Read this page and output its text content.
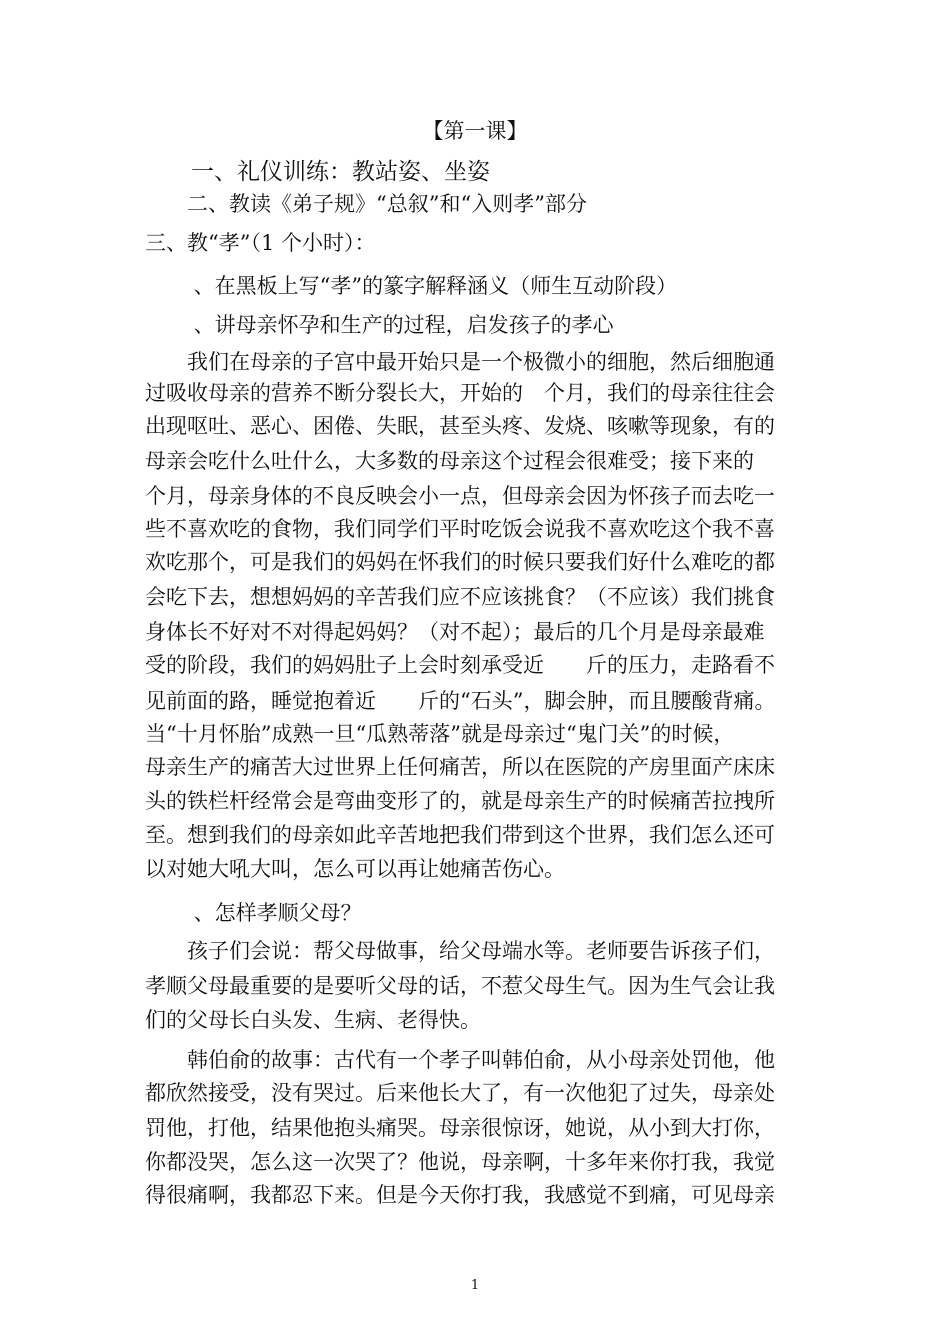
【第一课】
　　一、礼仪训练：教站姿、坐姿
　　二、教读《弟子规》“总叙”和“入则孝”部分
三、教“孝”（1 个小时）：
　　 、在黑板上写“孝”的篆字解释涵义（师生互动阶段）
　　 、讲母亲怀孕和生产的过程，启发孩子的孝心
　　我们在母亲的子宫中最开始只是一个极微小的细胞，然后细胞通
过吸收母亲的营养不断分裂长大，开始的　个月，我们的母亲往往会
出现呕吐、恶心、困倦、失眠，甚至头疼、发烧、咳嗽等现象，有的
母亲会吃什么吐什么，大多数的母亲这个过程会很难受；接下来的
个月，母亲身体的不良反映会小一点，但母亲会因为怀孩子而去吃一
些不喜欢吃的食物，我们同学们平时吃饭会说我不喜欢吃这个我不喜
欢吃那个，可是我们的妈妈在怀我们的时候只要我们好什么难吃的都
会吃下去，想想妈妈的辛苦我们应不应该挑食？（不应该）我们挑食
身体长不好对不对得起妈妈？（对不起）；最后的几个月是母亲最难
受的阶段，我们的妈妈肚子上会时刻承受近　　斤的压力，走路看不
见前面的路，睡觉抱着近　　斤的“石头”，脚会肿，而且腰酸背痛。
当“十月怀胎”成熟一旦“瓜熟蒂落”就是母亲过“鬼门关”的时候，
母亲生产的痛苦大过世界上任何痛苦，所以在医院的产房里面产床床
头的铁栏杆经常会是弯曲变形了的，就是母亲生产的时候痛苦拉拽所
至。想到我们的母亲如此辛苦地把我们带到这个世界，我们怎么还可
以对她大吼大叫，怎么可以再让她痛苦伤心。
　　 、怎样孝顺父母？
　　孩子们会说：帮父母做事，给父母端水等。老师要告诉孩子们，
孝顺父母最重要的是要听父母的话，不惹父母生气。因为生气会让我
们的父母长白头发、生病、老得快。
　　韩伯俞的故事：古代有一个孝子叫韩伯俞，从小母亲处罚他，他
都欣然接受，没有哭过。后来他长大了，有一次他犯了过失，母亲处
罚他，打他，结果他抱头痛哭。母亲很惊讶，她说，从小到大打你，
你都没哭，怎么这一次哭了？他说，母亲啊，十多年来你打我，我觉
得很痛啊，我都忍下来。但是今天你打我，我感觉不到痛，可见母亲
1
